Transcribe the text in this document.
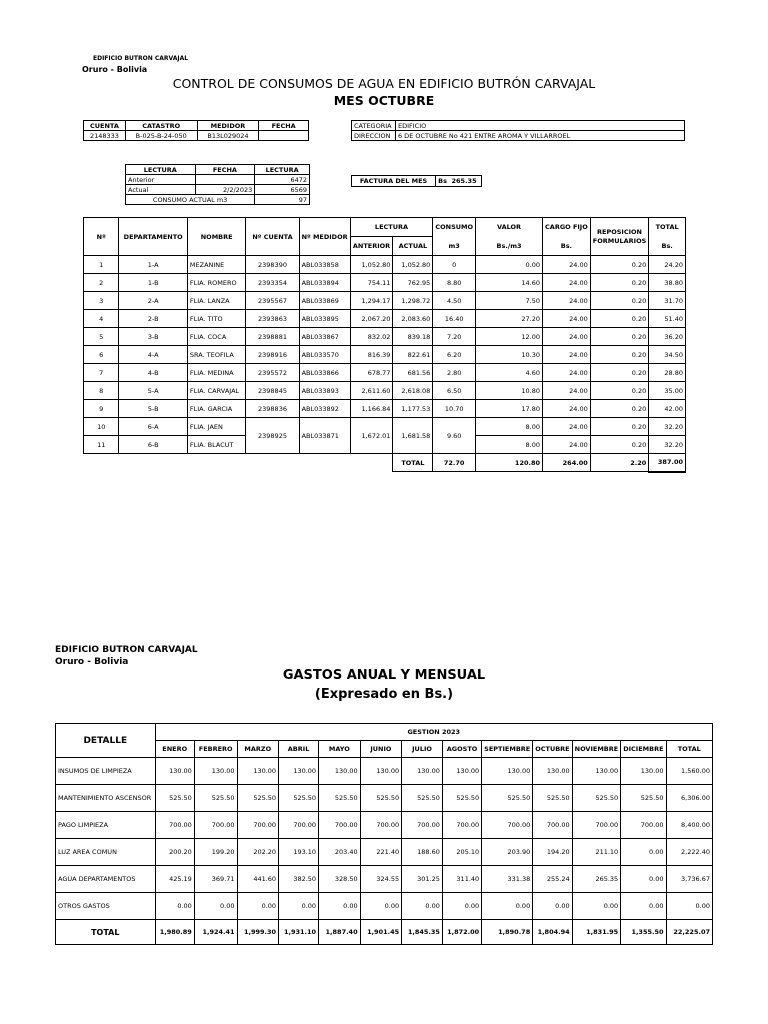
EDIFICIO BUTRON CARVAJAL
Oruro - Bolivia
CONTROL DE CONSUMOS DE AGUA EN EDIFICIO BUTRÓN CARVAJAL
MES OCTUBRE
CUENTA	CATASTRO	MEDIDOR	FECHA
2148333	B-025-B-24-050	B13L029024	
CATEGORIA	EDIFICIO
DIRECCION	6 DE OCTUBRE No 421 ENTRE AROMA Y VILLARROEL
LECTURA	FECHA	LECTURA
Anterior		6472
Actual	2/2/2023	6569
CONSUMO ACTUAL m3		97
FACTURA DEL MES	Bs 265.35
Nº	DEPARTAMENTO	NOMBRE	Nº CUENTA	Nº MEDIDOR	LECTURA		CONSUMO	VALOR	CARGO FIJO	REPOSICION FORMULARIOS	TOTAL
					ANTERIOR	ACTUAL	m3	Bs./m3	Bs.		Bs.
1	1-A	MEZANINE	2398390	ABL033858	1,052.80	1,052.80	0	0.00	24.00	0.20	24.20
2	1-B	FLIA. ROMERO	2393354	ABL033894	754.11	762.95	8.80	14.60	24.00	0.20	38.80
3	2-A	FLIA. LANZA	2395567	ABL033869	1,294.17	1,298.72	4.50	7.50	24.00	0.20	31.70
4	2-B	FLIA. TITO	2393863	ABL033895	2,067.20	2,083.60	16.40	27.20	24.00	0.20	51.40
5	3-B	FLIA. COCA	2398881	ABL033867	832.02	839.18	7.20	12.00	24.00	0.20	36.20
6	4-A	SRA. TEOFILA	2398916	ABL033570	816.39	822.61	6.20	10.30	24.00	0.20	34.50
7	4-B	FLIA. MEDINA	2395572	ABL033866	678.77	681.56	2.80	4.60	24.00	0.20	28.80
8	5-A	FLIA. CARVAJAL	2398845	ABL033893	2,611.60	2,618.08	6.50	10.80	24.00	0.20	35.00
9	5-B	FLIA. GARCIA	2398836	ABL033892	1,166.84	1,177.53	10.70	17.80	24.00	0.20	42.00
10	6-A	FLIA. JAEN	2398925	ABL033871	1,672.01	1,681.58	9.60	8.00	24.00	0.20	32.20
11	6-B	FLIA. BLACUT						8.00	24.00	0.20	32.20
						TOTAL	72.70	120.80	264.00	2.20	387.00
EDIFICIO BUTRON CARVAJAL
Oruro - Bolivia
GASTOS ANUAL Y MENSUAL
(Expresado en Bs.)
DETALLE	GESTION 2023												
	ENERO	FEBRERO	MARZO	ABRIL	MAYO	JUNIO	JULIO	AGOSTO	SEPTIEMBRE	OCTUBRE	NOVIEMBRE	DICIEMBRE	TOTAL
INSUMOS DE LIMPIEZA	130.00	130.00	130.00	130.00	130.00	130.00	130.00	130.00	130.00	130.00	130.00	130.00	1,560.00
MANTENIMIENTO ASCENSOR	525.50	525.50	525.50	525.50	525.50	525.50	525.50	525.50	525.50	525.50	525.50	525.50	6,306.00
PAGO LIMPIEZA	700.00	700.00	700.00	700.00	700.00	700.00	700.00	700.00	700.00	700.00	700.00	700.00	8,400.00
LUZ AREA COMUN	200.20	199.20	202.20	193.10	203.40	221.40	188.60	205.10	203.90	194.20	211.10	0.00	2,222.40
AGUA DEPARTAMENTOS	425.19	369.71	441.60	382.50	328.50	324.55	301.25	311.40	331.38	255.24	265.35	0.00	3,736.67
OTROS GASTOS	0.00	0.00	0.00	0.00	0.00	0.00	0.00	0.00	0.00	0.00	0.00	0.00	0.00
TOTAL	1,980.89	1,924.41	1,999.30	1,931.10	1,887.40	1,901.45	1,845.35	1,872.00	1,890.78	1,804.94	1,831.95	1,355.50	22,225.07
